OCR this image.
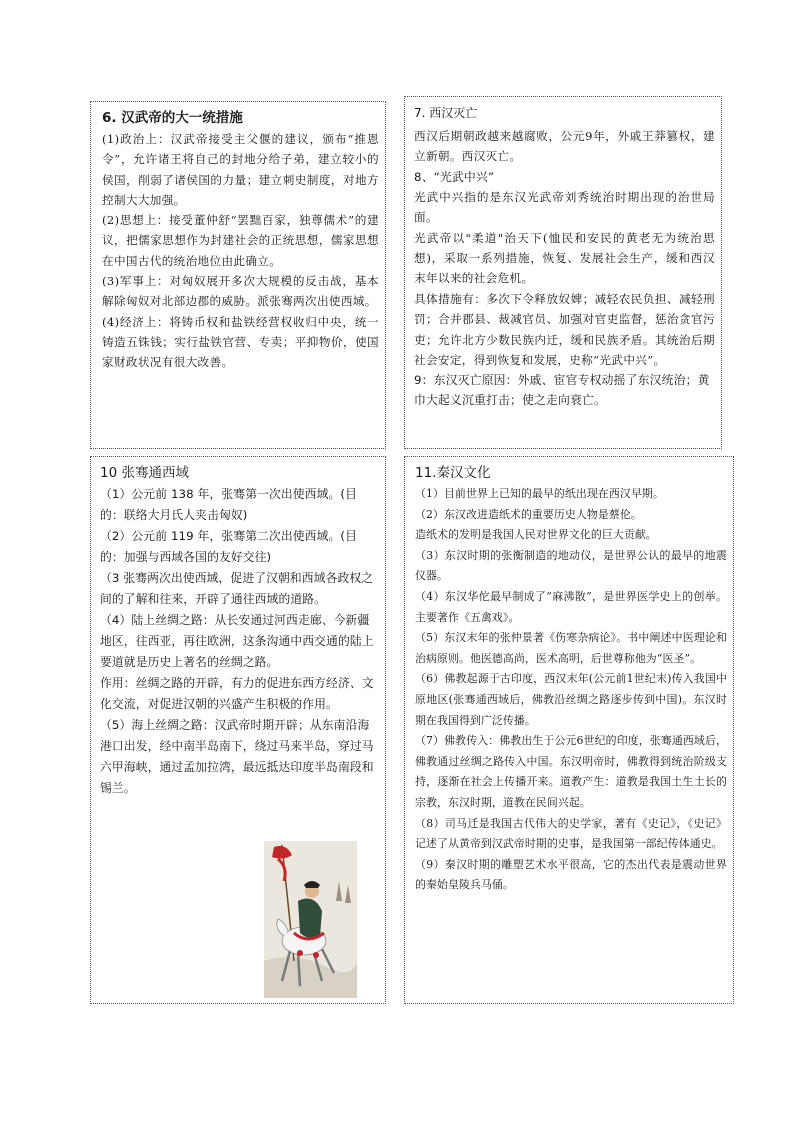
6. 汉武帝的大一统措施

(1)政治上：汉武帝接受主父偃的建议，颁布“推恩令”，允许诸王将自己的封地分给子弟，建立较小的侯国，削弱了诸侯国的力量；建立刺史制度，对地方控制大大加强。

(2)思想上：接受董仲舒“罢黜百家，独尊儒术”的建议，把儒家思想作为封建社会的正统思想，儒家思想在中国古代的统治地位由此确立。

(3)军事上：对匈奴展开多次大规模的反击战，基本解除匈奴对北部边郡的威胁。派张骞两次出使西域。

(4)经济上：将铸币权和盐铁经营权收归中央，统一铸造五铢钱；实行盐铁官营、专卖；平抑物价，使国家财政状况有很大改善。

7. 西汉灭亡

西汉后期朝政越来越腐败，公元9年，外戚王莽篡权，建立新朝。西汉灭亡。

8、“光武中兴”

光武中兴指的是东汉光武帝刘秀统治时期出现的治世局面。

光武帝以"柔道"治天下(恤民和安民的黄老无为统治思想)，采取一系列措施，恢复、发展社会生产，缓和西汉末年以来的社会危机。

具体措施有：多次下令释放奴婢；减轻农民负担、减轻刑罚；合并郡县、裁减官员、加强对官吏监督，惩治贪官污吏；允许北方少数民族内迁，缓和民族矛盾。其统治后期社会安定，得到恢复和发展，史称“光武中兴”。

9：东汉灭亡原因：外戚、宦官专权动摇了东汉统治；黄巾大起义沉重打击；使之走向衰亡。

10 张骞通西域

（1）公元前 138 年，张骞第一次出使西域。(目的：联络大月氏人夹击匈奴)

（2）公元前 119 年，张骞第二次出使西域。(目的：加强与西域各国的友好交往)

（3 张骞两次出使西域，促进了汉朝和西域各政权之间的了解和往来，开辟了通往西域的道路。

（4）陆上丝绸之路：从长安通过河西走廊、今新疆地区，往西亚，再往欧洲，这条沟通中西交通的陆上要道就是历史上著名的丝绸之路。

作用：丝绸之路的开辟，有力的促进东西方经济、文化交流，对促进汉朝的兴盛产生积极的作用。

（5）海上丝绸之路：汉武帝时期开辟；从东南沿海港口出发，经中南半岛南下，绕过马来半岛，穿过马六甲海峡，通过孟加拉湾，最远抵达印度半岛南段和锡兰。

11.秦汉文化

（1）目前世界上已知的最早的纸出现在西汉早期。

（2）东汉改进造纸术的重要历史人物是蔡伦。

造纸术的发明是我国人民对世界文化的巨大贡献。

（3）东汉时期的张衡制造的地动仪，是世界公认的最早的地震仪器。

（4）东汉华佗最早制成了“麻沸散”，是世界医学史上的创举。主要著作《五禽戏》。

（5）东汉末年的张仲景著《伤寒杂病论》。书中阐述中医理论和治病原则。他医德高尚，医术高明，后世尊称他为“医圣”。

（6）佛教起源于古印度，西汉末年(公元前1世纪末)传入我国中原地区(张骞通西域后，佛教沿丝绸之路逐步传到中国)。东汉时期在我国得到广泛传播。

（7）佛教传入：佛教出生于公元6世纪的印度，张骞通西域后，佛教通过丝绸之路传入中国。东汉明帝时，佛教得到统治阶级支持，逐渐在社会上传播开来。道教产生：道教是我国土生土长的宗教，东汉时期，道教在民间兴起。

（8）司马迁是我国古代伟大的史学家，著有《史记》，《史记》记述了从黄帝到汉武帝时期的史事，是我国第一部纪传体通史。

（9）秦汉时期的雕塑艺术水平很高，它的杰出代表是震动世界的秦始皇陵兵马俑。
